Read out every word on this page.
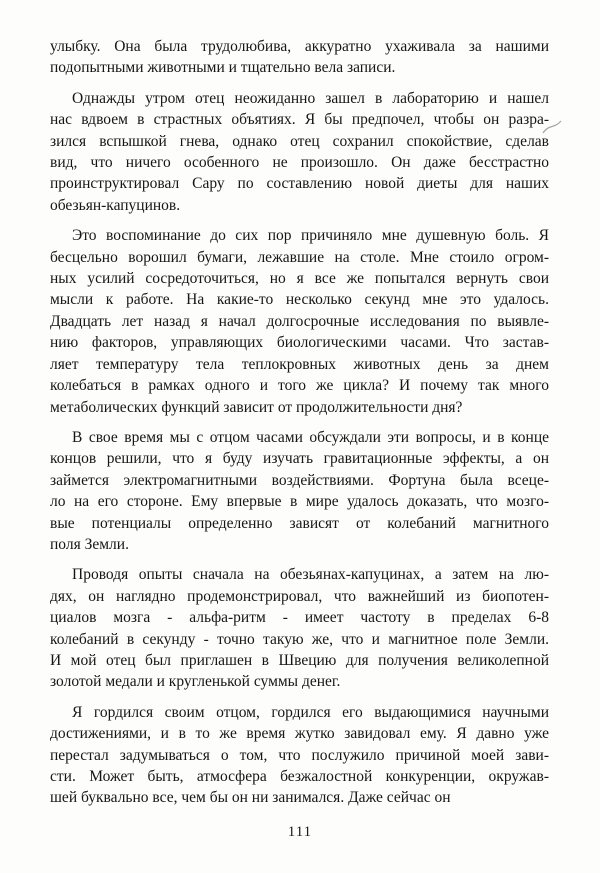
улыбку. Она была трудолюбива, аккуратно ухаживала за нашими
подопытными животными и тщательно вела записи.
Однажды утром отец неожиданно зашел в лабораторию и нашел
нас вдвоем в страстных объятиях. Я бы предпочел, чтобы он разра-
зился вспышкой гнева, однако отец сохранил спокойствие, сделав
вид, что ничего особенного не произошло. Он даже бесстрастно
проинструктировал Сару по составлению новой диеты для наших
обезьян-капуцинов.
Это воспоминание до сих пор причиняло мне душевную боль. Я
бесцельно ворошил бумаги, лежавшие на столе. Мне стоило огром-
ных усилий сосредоточиться, но я все же попытался вернуть свои
мысли к работе. На какие-то несколько секунд мне это удалось.
Двадцать лет назад я начал долгосрочные исследования по выявле-
нию факторов, управляющих биологическими часами. Что застав-
ляет температуру тела теплокровных животных день за днем
колебаться в рамках одного и того же цикла? И почему так много
метаболических функций зависит от продолжительности дня?
В свое время мы с отцом часами обсуждали эти вопросы, и в конце
концов решили, что я буду изучать гравитационные эффекты, а он
займется электромагнитными воздействиями. Фортуна была всеце-
ло на его стороне. Ему впервые в мире удалось доказать, что мозго-
вые потенциалы определенно зависят от колебаний магнитного
поля Земли.
Проводя опыты сначала на обезьянах-капуцинах, а затем на лю-
дях, он наглядно продемонстрировал, что важнейший из биопотен-
циалов мозга - альфа-ритм - имеет частоту в пределах 6-8
колебаний в секунду - точно такую же, что и магнитное поле Земли.
И мой отец был приглашен в Швецию для получения великолепной
золотой медали и кругленькой суммы денег.
Я гордился своим отцом, гордился его выдающимися научными
достижениями, и в то же время жутко завидовал ему. Я давно уже
перестал задумываться о том, что послужило причиной моей зави-
сти. Может быть, атмосфера безжалостной конкуренции, окружав-
шей буквально все, чем бы он ни занимался. Даже сейчас он
111
